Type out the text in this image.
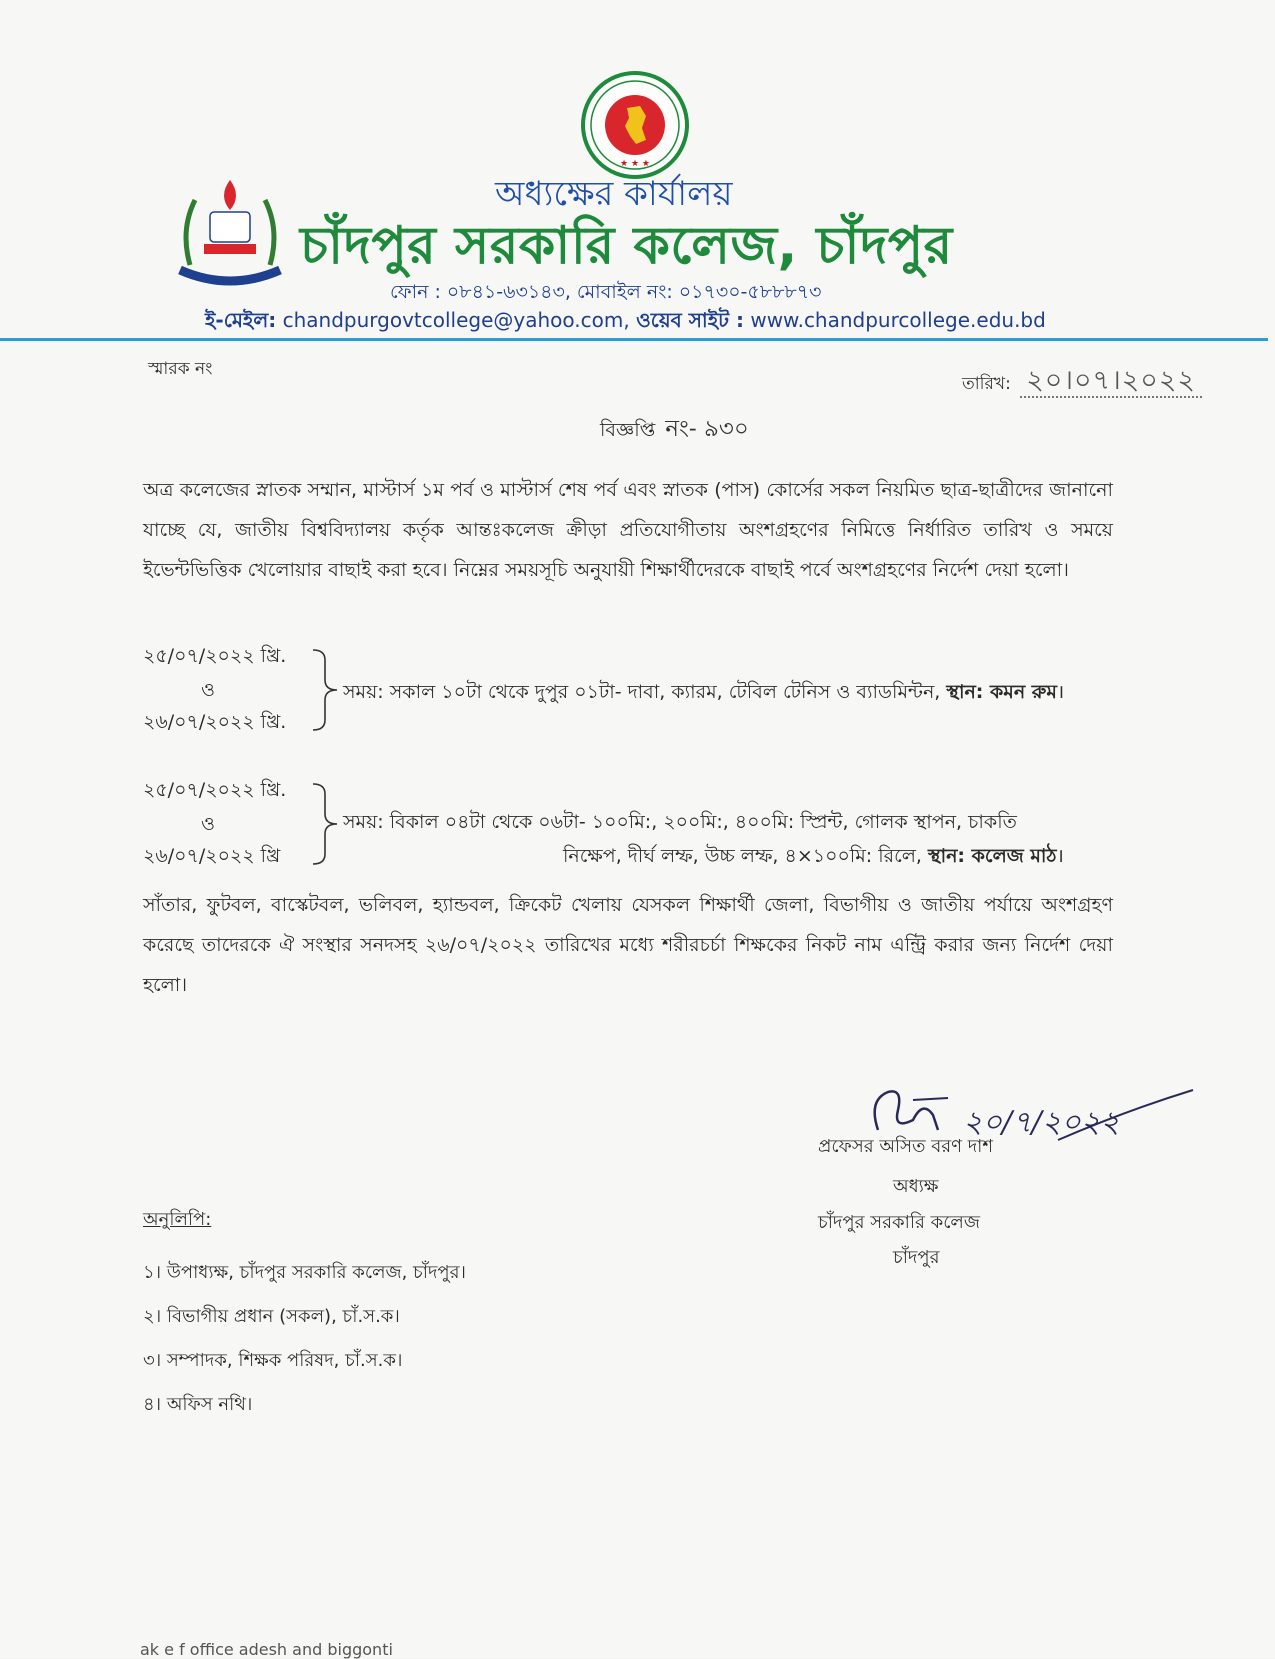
★ ★ ★
অধ্যক্ষের কার্যালয়
চাঁদপুর সরকারি কলেজ, চাঁদপুর
ফোন : ০৮৪১-৬৩১৪৩, মোবাইল নং: ০১৭৩০-৫৮৮৮৭৩
ই-মেইল: chandpurgovtcollege@yahoo.com, ওয়েব সাইট : www.chandpurcollege.edu.bd
স্মারক নং
তারিখ: ২০।০৭।২০২২
বিজ্ঞপ্তি নং- ৯৩০
অত্র কলেজের স্নাতক সম্মান, মাস্টার্স ১ম পর্ব ও মাস্টার্স শেষ পর্ব এবং স্নাতক (পাস) কোর্সের সকল নিয়মিত ছাত্র-ছাত্রীদের জানানো যাচ্ছে যে, জাতীয় বিশ্ববিদ্যালয় কর্তৃক আন্তঃকলেজ ক্রীড়া প্রতিযোগীতায় অংশগ্রহণের নিমিত্তে নির্ধারিত তারিখ ও সময়ে ইভেন্টভিত্তিক খেলোয়ার বাছাই করা হবে। নিম্নের সময়সূচি অনুযায়ী শিক্ষার্থীদেরকে বাছাই পর্বে অংশগ্রহণের নির্দেশ দেয়া হলো।
২৫/০৭/২০২২ খ্রি.
ও
২৬/০৭/২০২২ খ্রি.
সময়: সকাল ১০টা থেকে দুপুর ০১টা- দাবা, ক্যারম, টেবিল টেনিস ও ব্যাডমিন্টন, স্থান: কমন রুম।
২৫/০৭/২০২২ খ্রি.
ও
২৬/০৭/২০২২ খ্রি
সময়: বিকাল ০৪টা থেকে ০৬টা- ১০০মি:, ২০০মি:, ৪০০মি: স্প্রিন্ট, গোলক স্থাপন, চাকতি
নিক্ষেপ, দীর্ঘ লম্ফ, উচ্চ লম্ফ, ৪×১০০মি: রিলে, স্থান: কলেজ মাঠ।
সাঁতার, ফুটবল, বাস্কেটবল, ভলিবল, হ্যান্ডবল, ক্রিকেট খেলায় যেসকল শিক্ষার্থী জেলা, বিভাগীয় ও জাতীয় পর্যায়ে অংশগ্রহণ করেছে তাদেরকে ঐ সংস্থার সনদসহ ২৬/০৭/২০২২ তারিখের মধ্যে শরীরচর্চা শিক্ষকের নিকট নাম এন্ট্রি করার জন্য নির্দেশ দেয়া হলো।
২০/৭/২০২২
প্রফেসর অসিত বরণ দাশ
অধ্যক্ষ
চাঁদপুর সরকারি কলেজ
চাঁদপুর
অনুলিপি:
১। উপাধ্যক্ষ, চাঁদপুর সরকারি কলেজ, চাঁদপুর।
২। বিভাগীয় প্রধান (সকল), চাঁ.স.ক।
৩। সম্পাদক, শিক্ষক পরিষদ, চাঁ.স.ক।
৪। অফিস নথি।
ak e f office adesh and biggonti
